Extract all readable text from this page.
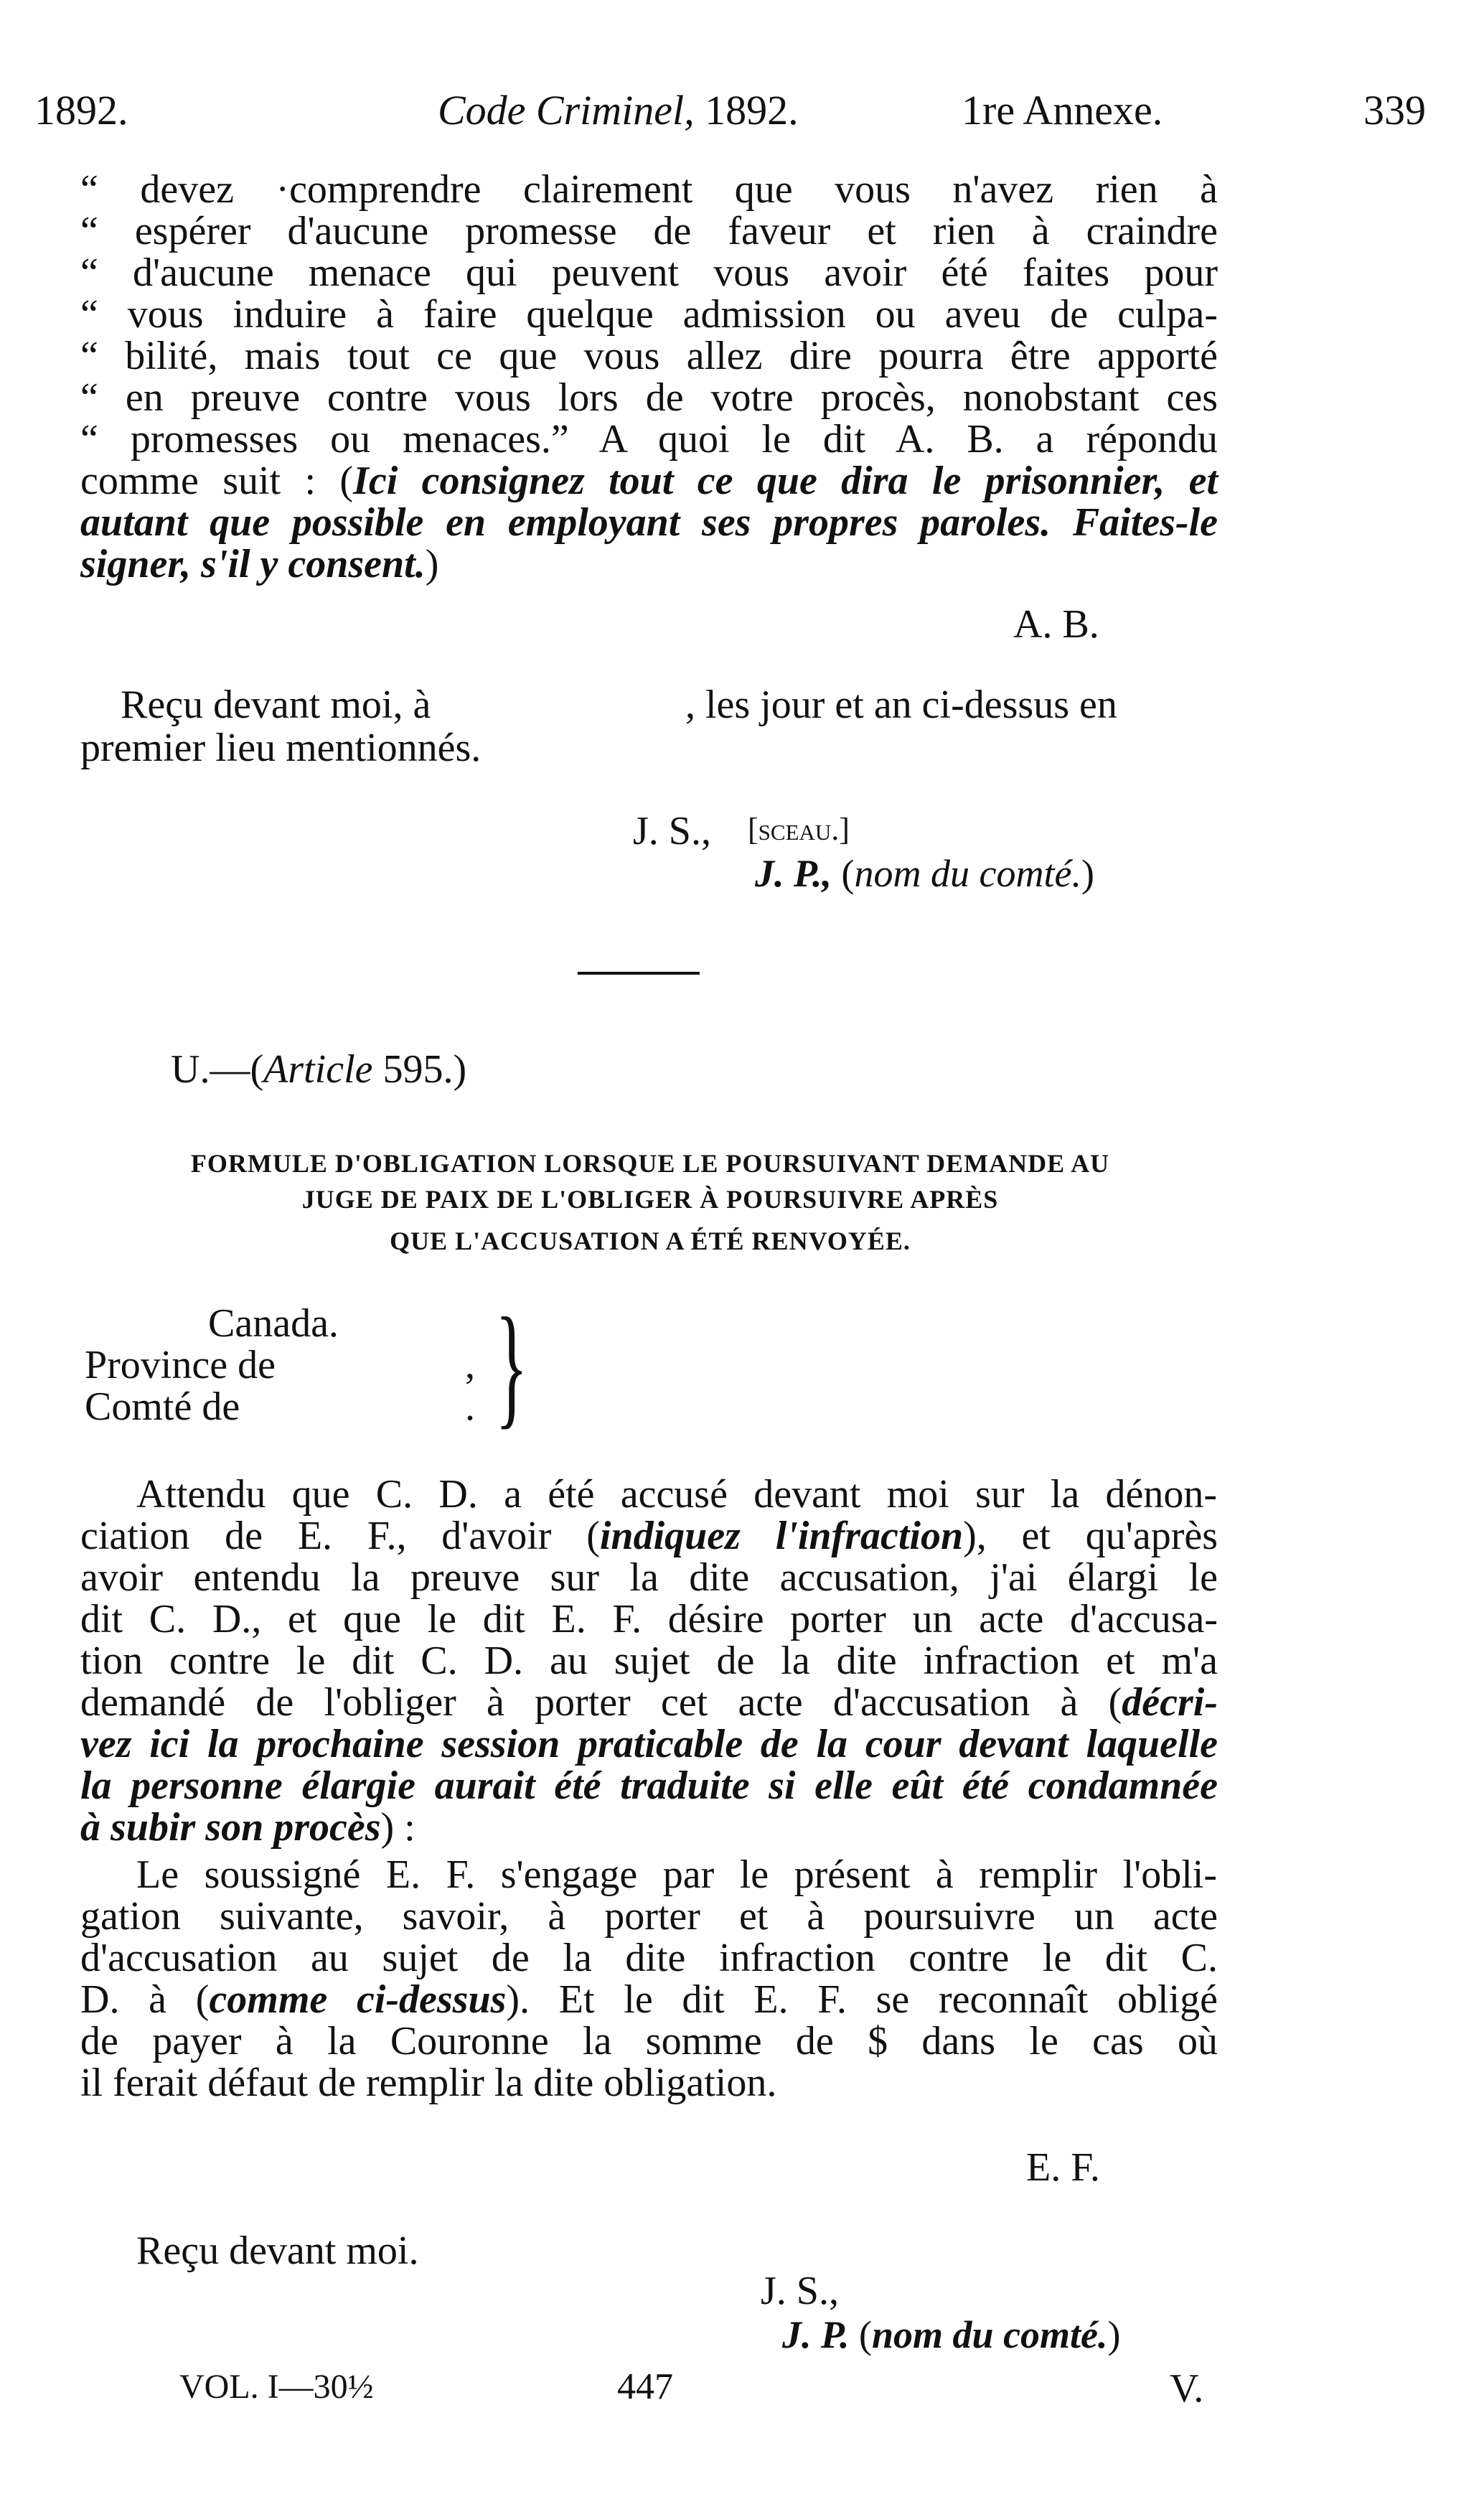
1892.	Code Criminel, 1892.	1re Annexe.	339
“ devez ·comprendre clairement que vous n'avez rien à
“ espérer d'aucune promesse de faveur et rien à craindre
“ d'aucune menace qui peuvent vous avoir été faites pour
“ vous induire à faire quelque admission ou aveu de culpa-
“ bilité, mais tout ce que vous allez dire pourra être apporté
“ en preuve contre vous lors de votre procès, nonobstant ces
“ promesses ou menaces.” A quoi le dit A. B. a répondu
comme suit : (Ici consignez tout ce que dira le prisonnier, et
autant que possible en employant ses propres paroles. Faites-le
signer, s'il y consent.)
A. B.
Reçu devant moi, à	, les jour et an ci-dessus en
premier lieu mentionnés.
J. S., [sceau.]
J. P., (nom du comté.)
U.—(Article 595.)
FORMULE D'OBLIGATION LORSQUE LE POURSUIVANT DEMANDE AU
JUGE DE PAIX DE L'OBLIGER À POURSUIVRE APRÈS
QUE L'ACCUSATION A ÉTÉ RENVOYÉE.
Canada.
Province de
Comté de
,
. }
Attendu que C. D. a été accusé devant moi sur la dénon-
ciation de E. F., d'avoir (indiquez l'infraction), et qu'après
avoir entendu la preuve sur la dite accusation, j'ai élargi le
dit C. D., et que le dit E. F. désire porter un acte d'accusa-
tion contre le dit C. D. au sujet de la dite infraction et m'a
demandé de l'obliger à porter cet acte d'accusation à (décri-
vez ici la prochaine session praticable de la cour devant laquelle
la personne élargie aurait été traduite si elle eût été condamnée
à subir son procès) :
Le soussigné E. F. s'engage par le présent à remplir l'obli-
gation suivante, savoir, à porter et à poursuivre un acte
d'accusation au sujet de la dite infraction contre le dit C.
D. à (comme ci-dessus). Et le dit E. F. se reconnaît obligé
de payer à la Couronne la somme de $ dans le cas où
il ferait défaut de remplir la dite obligation.
E. F.
Reçu devant moi.
J. S.,
J. P. (nom du comté.)
VOL. I—30½	447	V.
